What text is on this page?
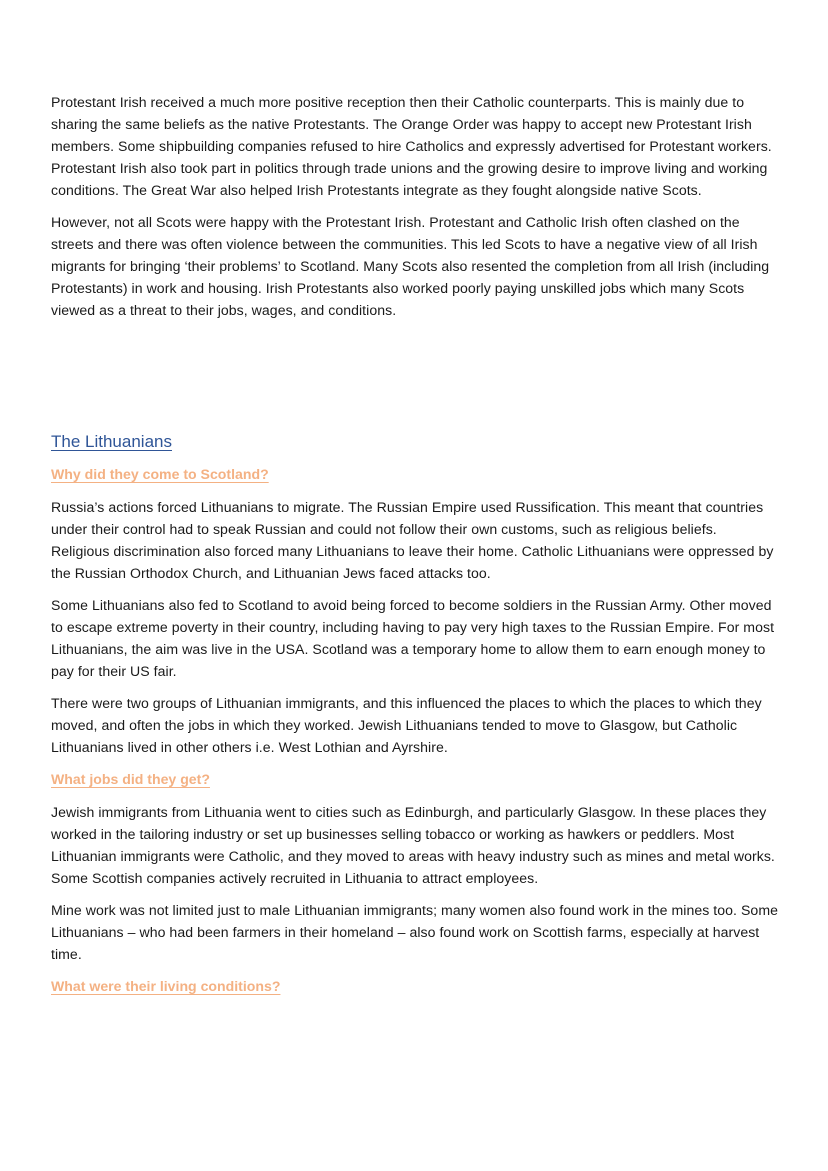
Protestant Irish received a much more positive reception then their Catholic counterparts. This is mainly due to sharing the same beliefs as the native Protestants. The Orange Order was happy to accept new Protestant Irish members. Some shipbuilding companies refused to hire Catholics and expressly advertised for Protestant workers. Protestant Irish also took part in politics through trade unions and the growing desire to improve living and working conditions. The Great War also helped Irish Protestants integrate as they fought alongside native Scots.

However, not all Scots were happy with the Protestant Irish. Protestant and Catholic Irish often clashed on the streets and there was often violence between the communities. This led Scots to have a negative view of all Irish migrants for bringing ‘their problems’ to Scotland. Many Scots also resented the completion from all Irish (including Protestants) in work and housing. Irish Protestants also worked poorly paying unskilled jobs which many Scots viewed as a threat to their jobs, wages, and conditions.

The Lithuanians
Why did they come to Scotland?

Russia’s actions forced Lithuanians to migrate. The Russian Empire used Russification. This meant that countries under their control had to speak Russian and could not follow their own customs, such as religious beliefs. Religious discrimination also forced many Lithuanians to leave their home. Catholic Lithuanians were oppressed by the Russian Orthodox Church, and Lithuanian Jews faced attacks too.

Some Lithuanians also fed to Scotland to avoid being forced to become soldiers in the Russian Army. Other moved to escape extreme poverty in their country, including having to pay very high taxes to the Russian Empire. For most Lithuanians, the aim was live in the USA. Scotland was a temporary home to allow them to earn enough money to pay for their US fair.

There were two groups of Lithuanian immigrants, and this influenced the places to which the places to which they moved, and often the jobs in which they worked. Jewish Lithuanians tended to move to Glasgow, but Catholic Lithuanians lived in other others i.e. West Lothian and Ayrshire.

What jobs did they get?

Jewish immigrants from Lithuania went to cities such as Edinburgh, and particularly Glasgow. In these places they worked in the tailoring industry or set up businesses selling tobacco or working as hawkers or peddlers. Most Lithuanian immigrants were Catholic, and they moved to areas with heavy industry such as mines and metal works. Some Scottish companies actively recruited in Lithuania to attract employees.

Mine work was not limited just to male Lithuanian immigrants; many women also found work in the mines too. Some Lithuanians – who had been farmers in their homeland – also found work on Scottish farms, especially at harvest time.

What were their living conditions?
